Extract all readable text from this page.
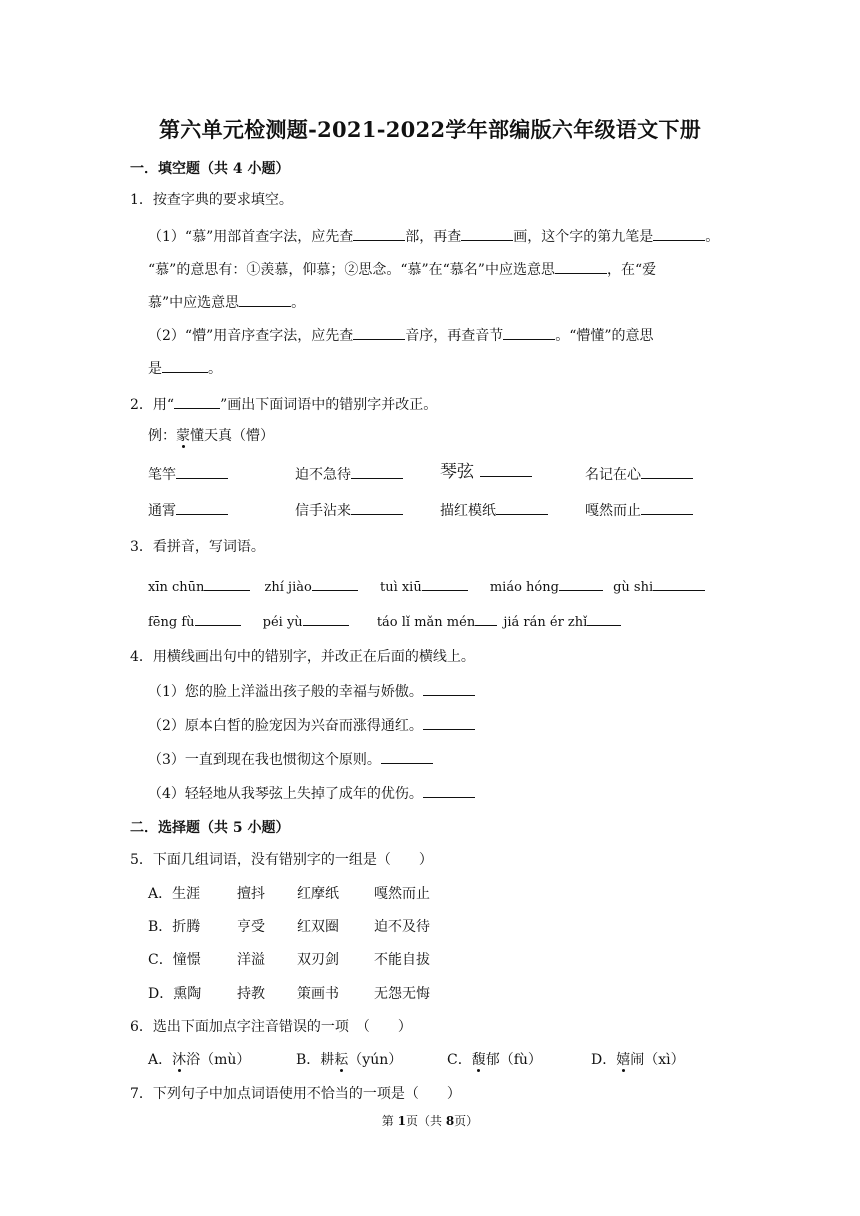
第六单元检测题-2021-2022学年部编版六年级语文下册
一．填空题（共 4 小题）
1．按查字典的要求填空。
（1）“慕”用部首查字法，应先查	部，再查	画，这个字的第九笔是	。
“慕”的意思有：①羡慕，仰慕；②思念。“慕”在“慕名”中应选意思	，在“爱
慕”中应选意思	。
（2）“懵”用音序查字法，应先查	音序，再查音节	。“懵懂”的意思
是	。
2．用“	”画出下面词语中的错别字并改正。
例：蒙懂天真（懵）
笔竿	迫不急待	琴弦	名记在心
通霄	信手沾来	描红模纸	嘎然而止
3．看拼音，写词语。
xīn chūn	zhí jiào	tuì xiū	miáo hóng	gù shi
fēng fù	péi yù	táo lǐ mǎn mén jiá rán ér zhǐ
4．用横线画出句中的错别字，并改正在后面的横线上。
（1）您的脸上洋溢出孩子般的幸福与娇傲。
（2）原本白皙的脸宠因为兴奋而涨得通红。
（3）一直到现在我也惯彻这个原则。
（4）轻轻地从我琴弦上失掉了成年的优伤。
二．选择题（共 5 小题）
5．下面几组词语，没有错别字的一组是（　　）
A．生涯	擅抖 红摩纸	嘎然而止
B．折腾	亨受 红双圈	迫不及待
C．憧憬	洋溢 双刃剑	不能自拔
D．熏陶	持教 策画书	无怨无悔
6．选出下面加点字注音错误的一项　（　　）
A．沐浴（mù）	B．耕耘（yún）	C．馥郁（fù）	D．嬉闹（xì）
7．下列句子中加点词语使用不恰当的一项是（　　）
第 1页（共 8页）
